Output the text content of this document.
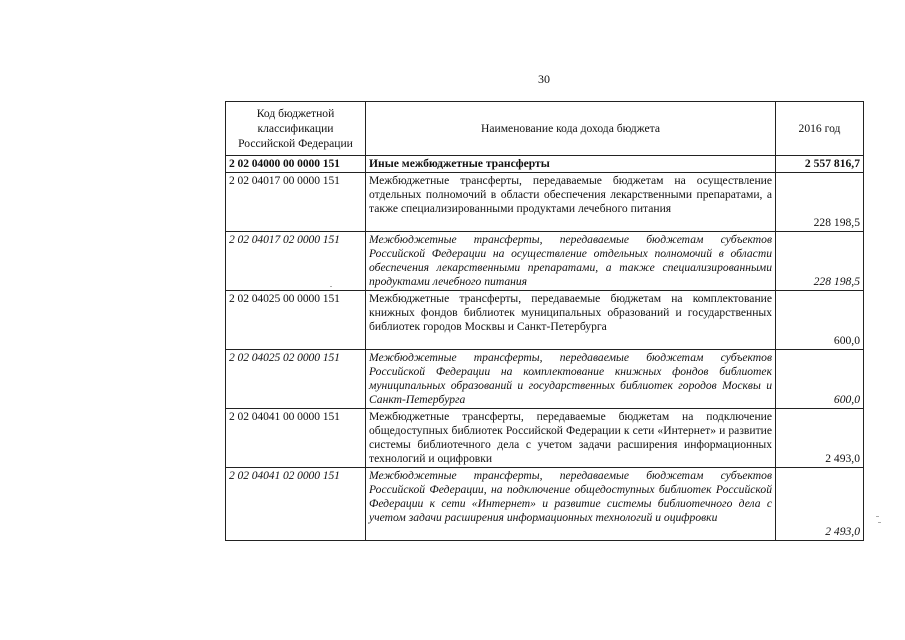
30
Код бюджетной классификации Российской Федерации	Наименование кода дохода бюджета	2016 год
2 02 04000 00 0000 151	Иные межбюджетные трансферты	2 557 816,7
2 02 04017 00 0000 151	Межбюджетные трансферты, передаваемые бюджетам на осуществление отдельных полномочий в области обеспечения лекарственными препаратами, а также специализированными продуктами лечебного питания	228 198,5
2 02 04017 02 0000 151	Межбюджетные трансферты, передаваемые бюджетам субъектов Российской Федерации на осуществление отдельных полномочий в области обеспечения лекарственными препаратами, а также специализированными продуктами лечебного питания	228 198,5
2 02 04025 00 0000 151	Межбюджетные трансферты, передаваемые бюджетам на комплектование книжных фондов библиотек муниципальных образований и государственных библиотек городов Москвы и Санкт-Петербурга	600,0
2 02 04025 02 0000 151	Межбюджетные трансферты, передаваемые бюджетам субъектов Российской Федерации на комплектование книжных фондов библиотек муниципальных образований и государственных библиотек городов Москвы и Санкт-Петербурга	600,0
2 02 04041 00 0000 151	Межбюджетные трансферты, передаваемые бюджетам на подключение общедоступных библиотек Российской Федерации к сети «Интернет» и развитие системы библиотечного дела с учетом задачи расширения информационных технологий и оцифровки	2 493,0
2 02 04041 02 0000 151	Межбюджетные трансферты, передаваемые бюджетам субъектов Российской Федерации, на подключение общедоступных библиотек Российской Федерации к сети «Интернет» и развитие системы библиотечного дела с учетом задачи расширения информационных технологий и оцифровки	2 493,0
